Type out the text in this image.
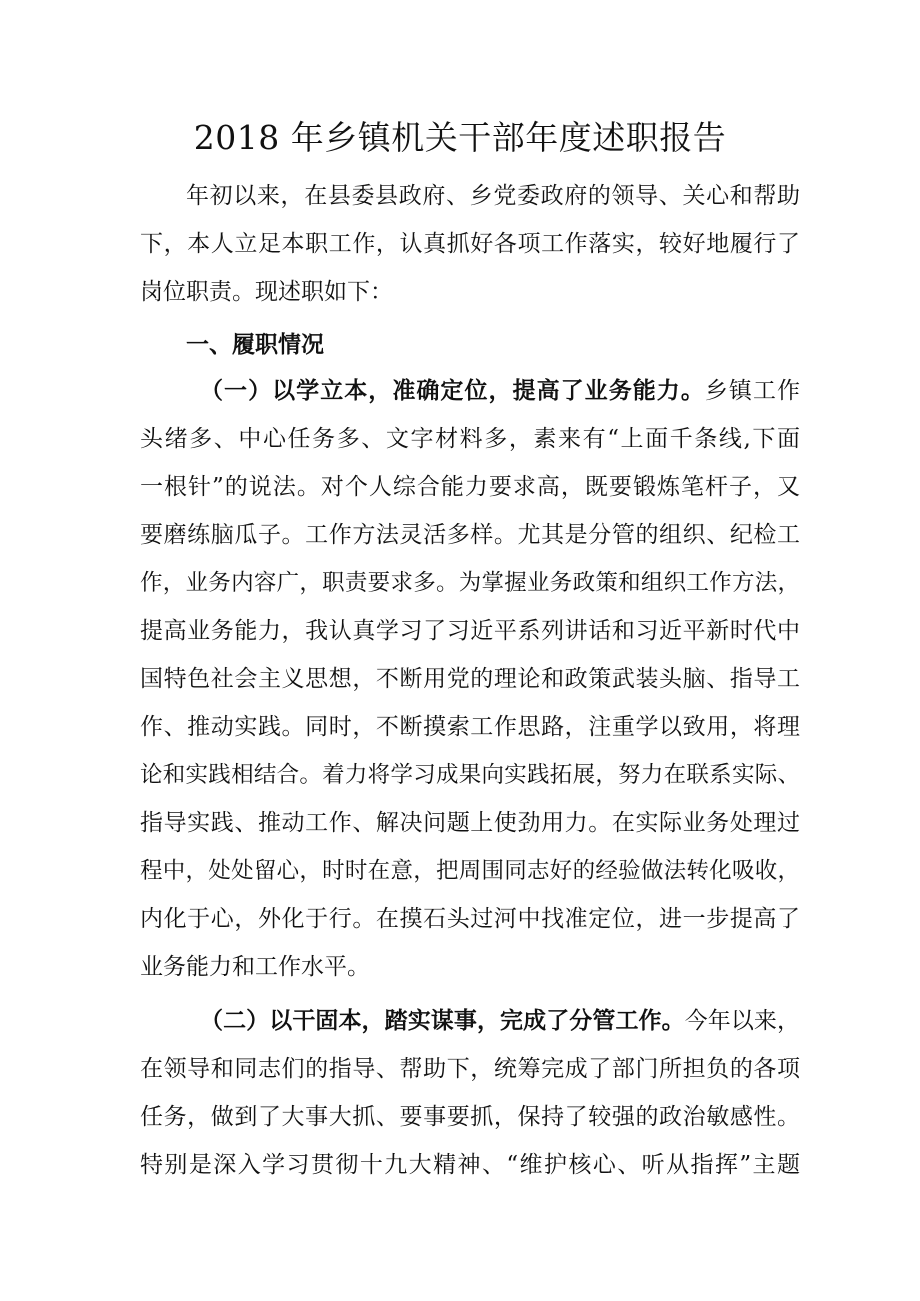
2018 年乡镇机关干部年度述职报告
年初以来，在县委县政府、乡党委政府的领导、关心和帮助
下，本人立足本职工作，认真抓好各项工作落实，较好地履行了
岗位职责。现述职如下：
一、履职情况
（一）以学立本，准确定位，提高了业务能力。乡镇工作
头绪多、中心任务多、文字材料多，素来有“上面千条线,下面
一根针”的说法。对个人综合能力要求高，既要锻炼笔杆子，又
要磨练脑瓜子。工作方法灵活多样。尤其是分管的组织、纪检工
作，业务内容广，职责要求多。为掌握业务政策和组织工作方法，
提高业务能力，我认真学习了习近平系列讲话和习近平新时代中
国特色社会主义思想，不断用党的理论和政策武装头脑、指导工
作、推动实践。同时，不断摸索工作思路，注重学以致用，将理
论和实践相结合。着力将学习成果向实践拓展，努力在联系实际、
指导实践、推动工作、解决问题上使劲用力。在实际业务处理过
程中，处处留心，时时在意，把周围同志好的经验做法转化吸收，
内化于心，外化于行。在摸石头过河中找准定位，进一步提高了
业务能力和工作水平。
（二）以干固本，踏实谋事，完成了分管工作。今年以来，
在领导和同志们的指导、帮助下，统筹完成了部门所担负的各项
任务，做到了大事大抓、要事要抓，保持了较强的政治敏感性。
特别是深入学习贯彻十九大精神、“维护核心、听从指挥”主题
